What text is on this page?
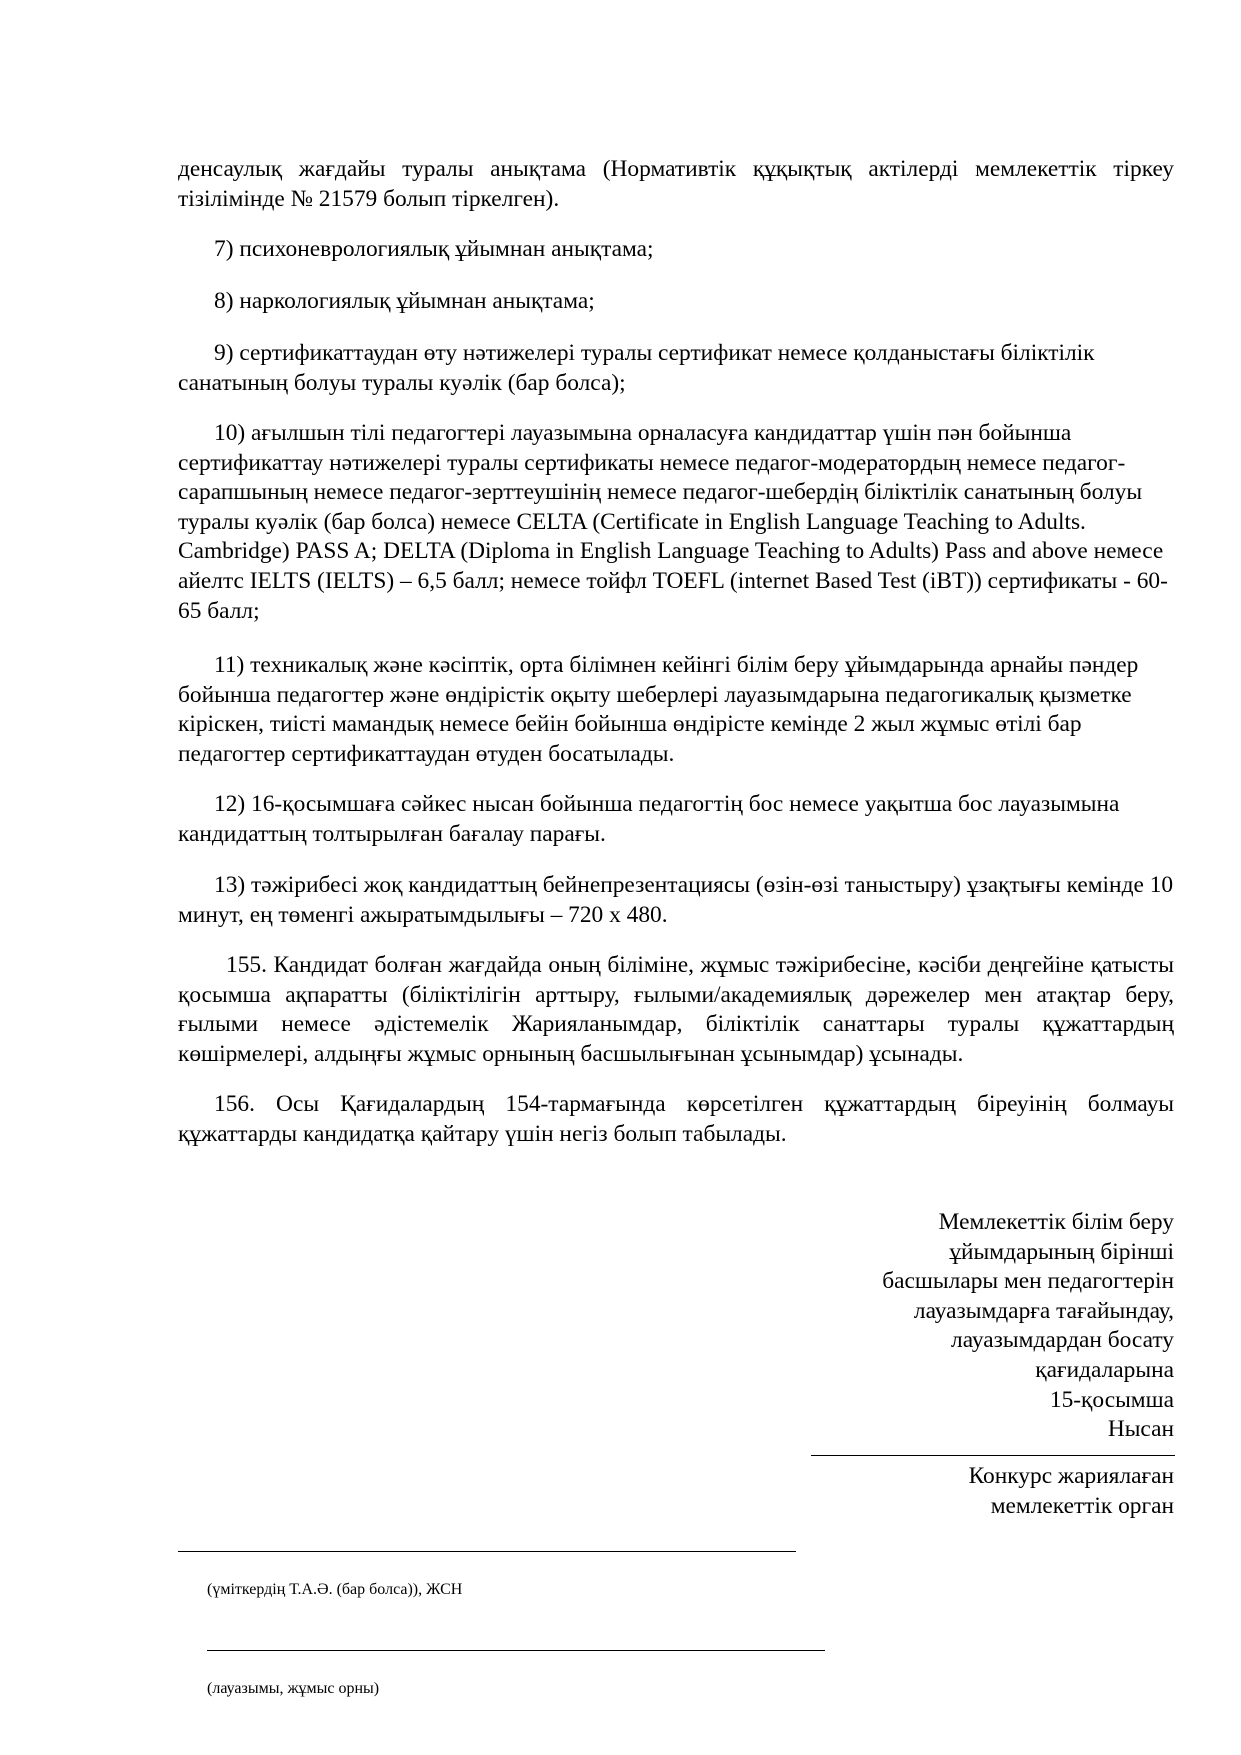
денсаулық жағдайы туралы анықтама (Нормативтік құқықтық актілерді мемлекеттік тіркеу тізілімінде № 21579 болып тіркелген).

7) психоневрологиялық ұйымнан анықтама;

8) наркологиялық ұйымнан анықтама;

9) сертификаттаудан өту нәтижелері туралы сертификат немесе қолданыстағы біліктілік санатының болуы туралы куәлік (бар болса);

10) ағылшын тілі педагогтері лауазымына орналасуға кандидаттар үшін пән бойынша сертификаттау нәтижелері туралы сертификаты немесе педагог-модератордың немесе педагог-сарапшының немесе педагог-зерттеушінің немесе педагог-шебердің біліктілік санатының болуы туралы куәлік (бар болса) немесе CELTA (Certificate in English Language Teaching to Adults. Cambridge) PASS A; DELTA (Diploma in English Language Teaching to Adults) Pass and above немесе айелтс IELTS (IELTS) – 6,5 балл; немесе тойфл TOEFL (internet Based Test (iBT)) сертификаты - 60-65 балл;

11) техникалық және кәсіптік, орта білімнен кейінгі білім беру ұйымдарында арнайы пәндер бойынша педагогтер және өндірістік оқыту шеберлері лауазымдарына педагогикалық қызметке кіріскен, тиісті мамандық немесе бейін бойынша өндірісте кемінде 2 жыл жұмыс өтілі бар педагогтер сертификаттаудан өтуден босатылады.

12) 16-қосымшаға сәйкес нысан бойынша педагогтің бос немесе уақытша бос лауазымына кандидаттың толтырылған бағалау парағы.

13) тәжірибесі жоқ кандидаттың бейнепрезентациясы (өзін-өзі таныстыру) ұзақтығы кемінде 10 минут, ең төменгі ажыратымдылығы – 720 x 480.

155. Кандидат болған жағдайда оның біліміне, жұмыс тәжірибесіне, кәсіби деңгейіне қатысты қосымша ақпаратты (біліктілігін арттыру, ғылыми/академиялық дәрежелер мен атақтар беру, ғылыми немесе әдістемелік Жарияланымдар, біліктілік санаттары туралы құжаттардың көшірмелері, алдыңғы жұмыс орнының басшылығынан ұсынымдар) ұсынады.

156. Осы Қағидалардың 154-тармағында көрсетілген құжаттардың біреуінің болмауы құжаттарды кандидатқа қайтару үшін негіз болып табылады.

Мемлекеттік білім беру
ұйымдарының бірінші
басшылары мен педагогтерін
лауазымдарға тағайындау,
лауазымдардан босату
қағидаларына
15-қосымша
Нысан
Конкурс жариялаған
мемлекеттік орган
(үміткердің Т.А.Ә. (бар болса)), ЖСН
(лауазымы, жұмыс орны)
